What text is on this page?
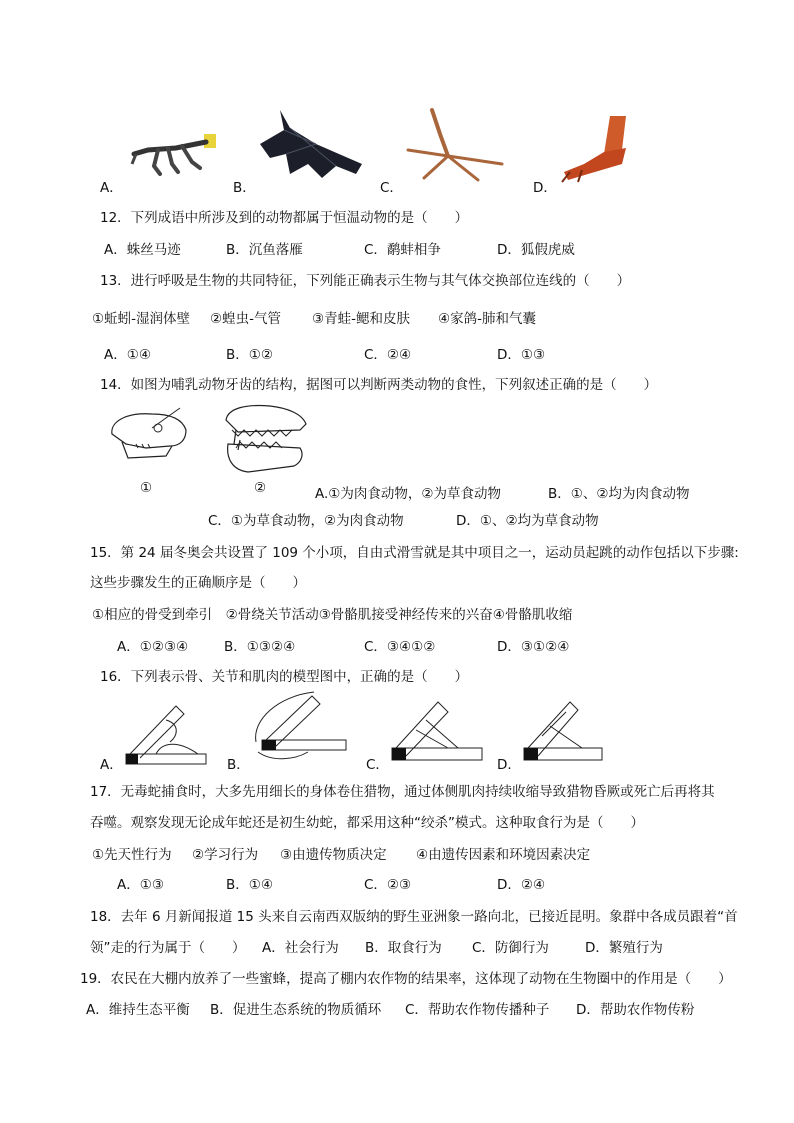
A．	B．	C．	D．
12．下列成语中所涉及到的动物都属于恒温动物的是（　　）
A．蛛丝马迹	B．沉鱼落雁	C．鹬蚌相争	D．狐假虎威
13．进行呼吸是生物的共同特征，下列能正确表示生物与其气体交换部位连线的（　　）
①蚯蚓-湿润体壁 ②蝗虫-气管 ③青蛙-鳃和皮肤 ④家鸽-肺和气囊
A．①④	B．①②	C．②④	D．①③
14．如图为哺乳动物牙齿的结构，据图可以判断两类动物的食性，下列叙述正确的是（　　）
①	②	A.①为肉食动物，②为草食动物	B．①、②均为肉食动物
C．①为草食动物，②为肉食动物	D．①、②均为草食动物
15．第 24 届冬奥会共设置了 109 个小项，自由式滑雪就是其中项目之一，运动员起跳的动作包括以下步骤:
这些步骤发生的正确顺序是（　　）
①相应的骨受到牵引　②骨绕关节活动③骨骼肌接受神经传来的兴奋④骨骼肌收缩
A．①②③④	B．①③②④	C．③④①②	D．③①②④
16．下列表示骨、关节和肌肉的模型图中，正确的是（　　）
A．	B．	C．	D．
17．无毒蛇捕食时，大多先用细长的身体卷住猎物，通过体侧肌肉持续收缩导致猎物昏厥或死亡后再将其
吞噬。观察发现无论成年蛇还是初生幼蛇，都采用这种“绞杀”模式。这种取食行为是（　　）
①先天性行为 ②学习行为 ③由遗传物质决定 ④由遗传因素和环境因素决定
A．①③	B．①④	C．②③	D．②④
18．去年 6 月新闻报道 15 头来自云南西双版纳的野生亚洲象一路向北，已接近昆明。象群中各成员跟着“首
领”走的行为属于（　　） A．社会行为 B．取食行为 C．防御行为	D．繁殖行为
19．农民在大棚内放养了一些蜜蜂，提高了棚内农作物的结果率，这体现了动物在生物圈中的作用是（　　）
A．维持生态平衡 B．促进生态系统的物质循环 C．帮助农作物传播种子 D．帮助农作物传粉
